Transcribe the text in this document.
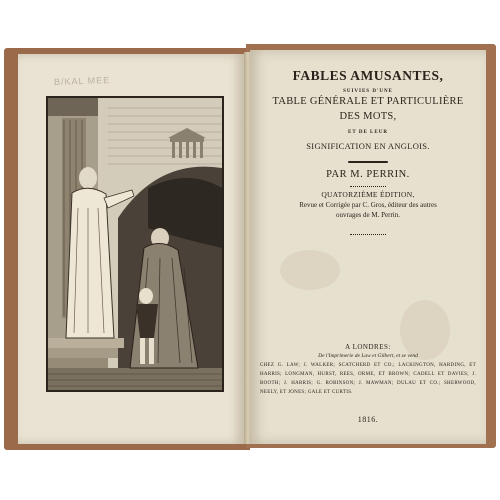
B/KAL MEE	FABLES AMUSANTES,
SUIVIES D'UNE
TABLE GÉNÉRALE ET PARTICULIÈRE
DES MOTS,
ET DE LEUR
SIGNIFICATION EN ANGLOIS.
PAR M. PERRIN.
QUATORZIÈME ÉDITION,
Revue et Corrigée par C. Gros, éditeur des autres
ouvrages de M. Perrin.
A LONDRES:
De l'Imprimerie de Law et Gilbert, et se vend
CHEZ G. LAW; J. WALKER; SCATCHERD ET CO.; LACKINGTON, HARDING, ET HARRIS; LONGMAN, HURST, REES, ORME, ET BROWN; CADELL ET DAVIES; J. BOOTH; J. HARRIS; G. ROBINSON; J. MAWMAN; DULAU ET CO.; SHERWOOD, NEELY, ET JONES; GALE ET CURTIS.
1816.
